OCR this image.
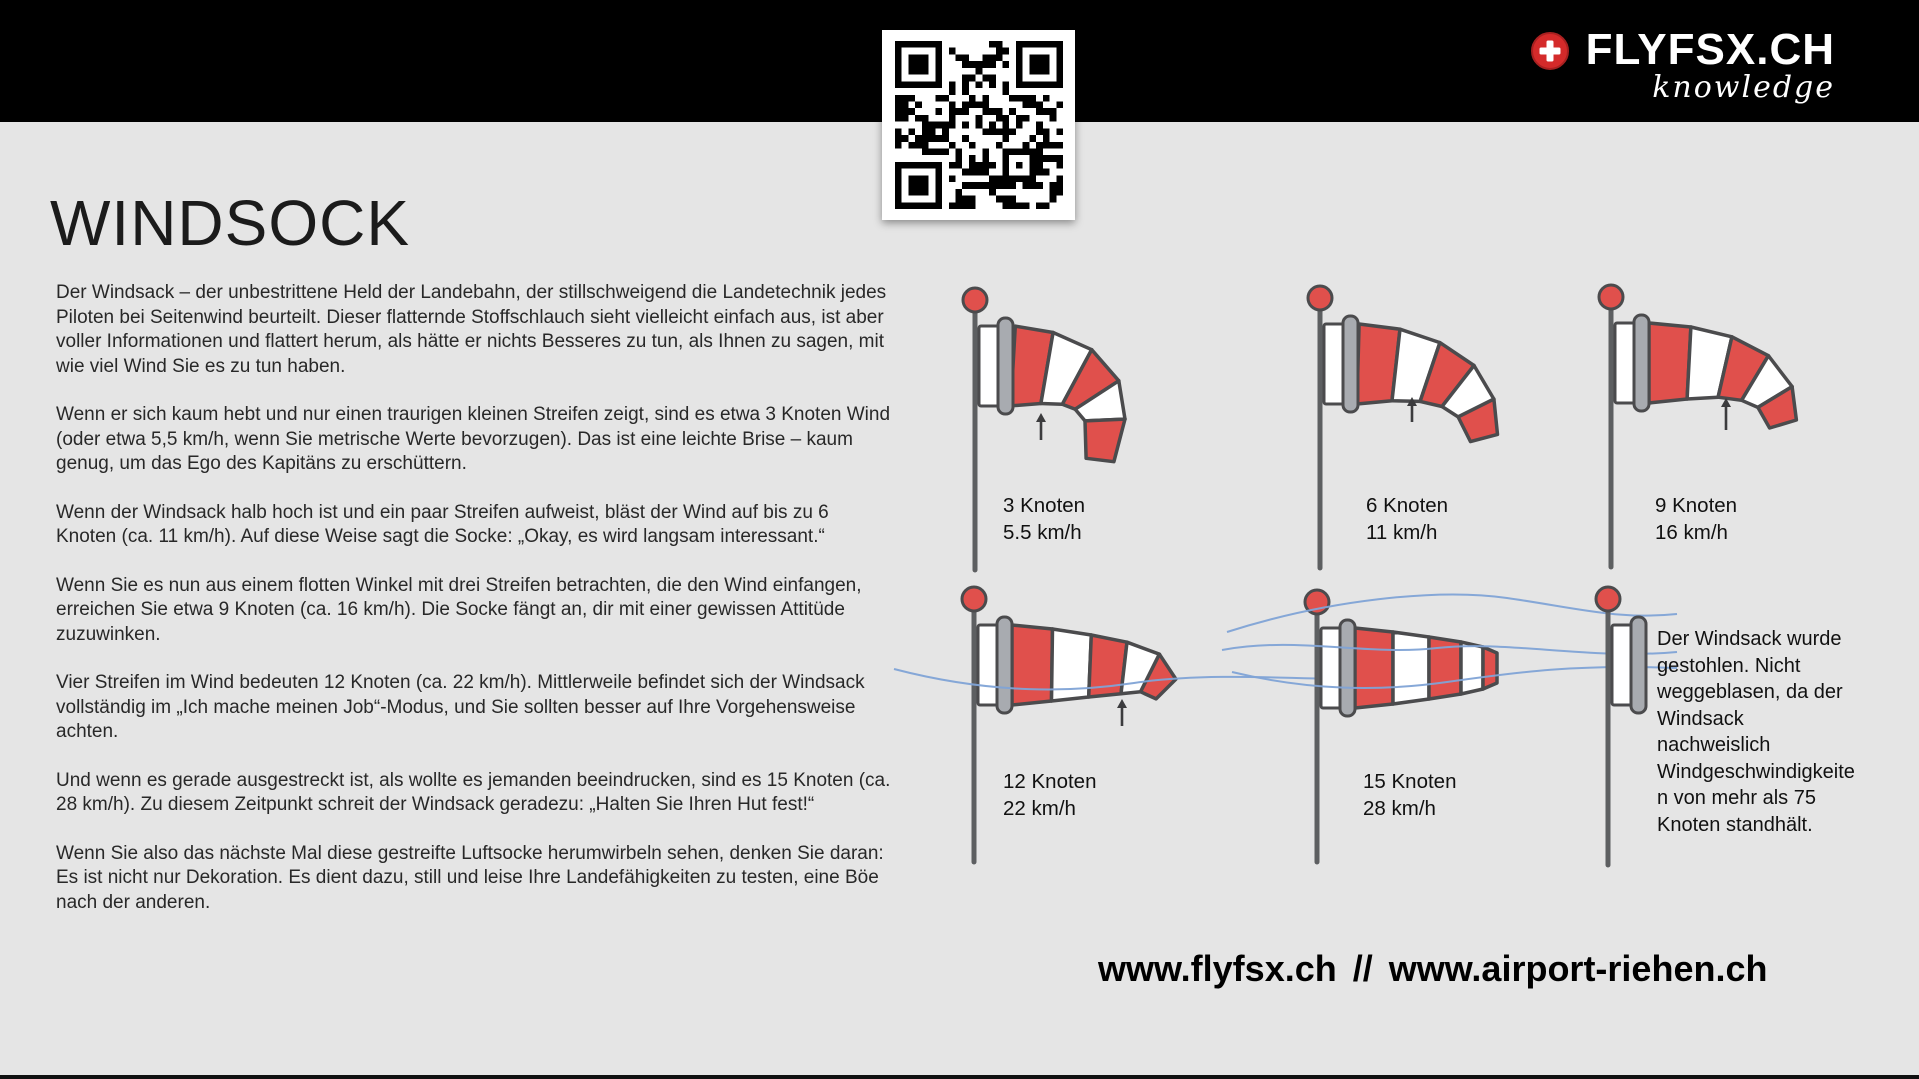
FLYFSX.CH
knowledge
WINDSOCK

Der Windsack – der unbestrittene Held der Landebahn, der stillschweigend die Landetechnik jedes Piloten bei Seitenwind beurteilt. Dieser flatternde Stoffschlauch sieht vielleicht einfach aus, ist aber voller Informationen und flattert herum, als hätte er nichts Besseres zu tun, als Ihnen zu sagen, mit wie viel Wind Sie es zu tun haben.

Wenn er sich kaum hebt und nur einen traurigen kleinen Streifen zeigt, sind es etwa 3 Knoten Wind (oder etwa 5,5 km/h, wenn Sie metrische Werte bevorzugen). Das ist eine leichte Brise – kaum genug, um das Ego des Kapitäns zu erschüttern.

Wenn der Windsack halb hoch ist und ein paar Streifen aufweist, bläst der Wind auf bis zu 6 Knoten (ca. 11 km/h). Auf diese Weise sagt die Socke: „Okay, es wird langsam interessant.“

Wenn Sie es nun aus einem flotten Winkel mit drei Streifen betrachten, die den Wind einfangen, erreichen Sie etwa 9 Knoten (ca. 16 km/h). Die Socke fängt an, dir mit einer gewissen Attitüde zuzuwinken.

Vier Streifen im Wind bedeuten 12 Knoten (ca. 22 km/h). Mittlerweile befindet sich der Windsack vollständig im „Ich mache meinen Job“-Modus, und Sie sollten besser auf Ihre Vorgehensweise achten.

Und wenn es gerade ausgestreckt ist, als wollte es jemanden beeindrucken, sind es 15 Knoten (ca. 28 km/h). Zu diesem Zeitpunkt schreit der Windsack geradezu: „Halten Sie Ihren Hut fest!“

Wenn Sie also das nächste Mal diese gestreifte Luftsocke herumwirbeln sehen, denken Sie daran: Es ist nicht nur Dekoration. Es dient dazu, still und leise Ihre Landefähigkeiten zu testen, eine Böe nach der anderen.

3 Knoten
5.5 km/h
6 Knoten
11 km/h
9 Knoten
16 km/h
12 Knoten
22 km/h
15 Knoten
28 km/h
Der Windsack wurde gestohlen. Nicht weggeblasen, da der Windsack nachweislich Windgeschwindigkeiten von mehr als 75 Knoten standhält.
www.flyfsx.ch // www.airport-riehen.ch
